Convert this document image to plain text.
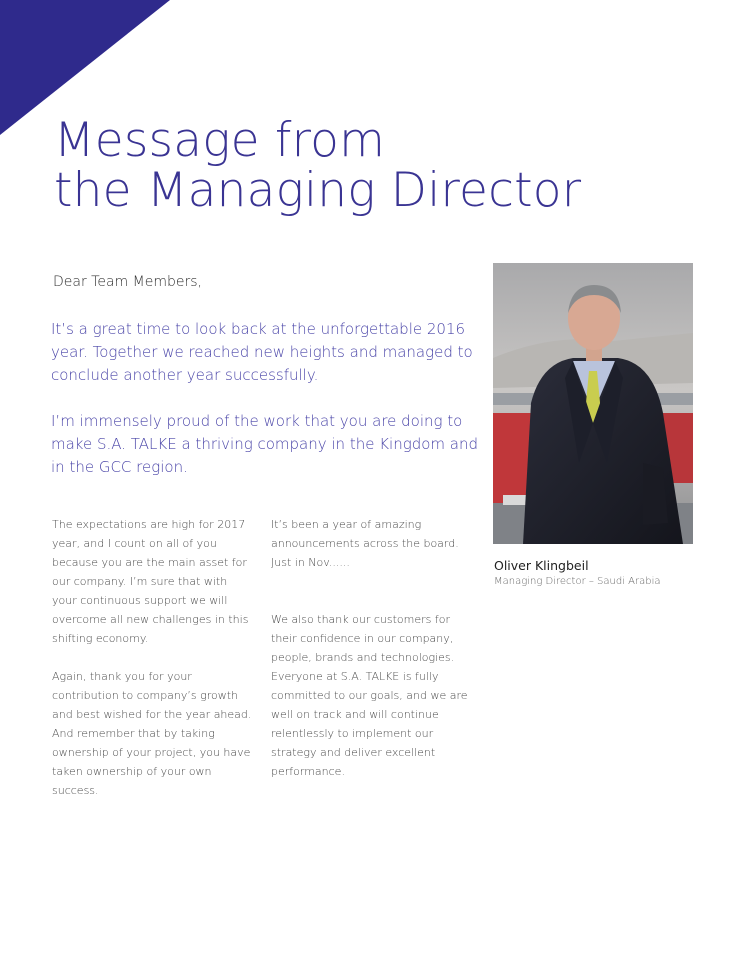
Message from
the Managing Director
Dear Team Members,

It’s a great time to look back at the unforgettable 2016 year. Together we reached new heights and managed to conclude another year successfully.

I’m immensely proud of the work that you are doing to make S.A. TALKE a thriving company in the Kingdom and in the GCC region.

The expectations are high for 2017 year, and I count on all of you because you are the main asset for our company. I’m sure that with your continuous support we will overcome all new challenges in this shifting economy.

Again, thank you for your contribution to company’s growth and best wished for the year ahead. And remember that by taking ownership of your project, you have taken ownership of your own success.

It’s been a year of amazing announcements across the board. Just in Nov......

We also thank our customers for their confidence in our company, people, brands and technologies. Everyone at S.A. TALKE is fully committed to our goals, and we are well on track and will continue relentlessly to implement our strategy and deliver excellent performance.

Oliver Klingbeil
Managing Director – Saudi Arabia
